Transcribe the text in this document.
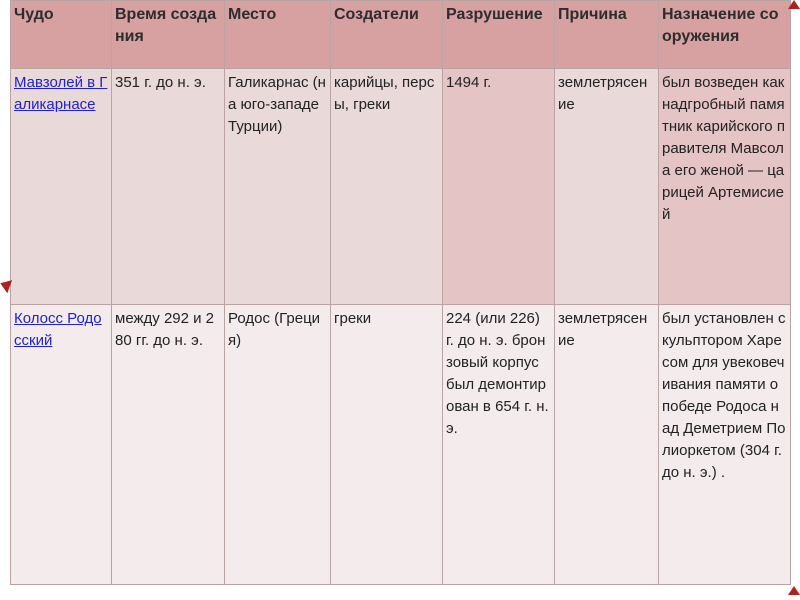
Чудо	Время создания	Место	Создатели	Разрушение	Причина	Назначение сооружения
Мавзолей в Галикарнасе	351 г. до н. э.	Галикарнас (на юго-западе Турции)	карийцы, персы, греки	1494 г.	землетрясение	был возведен как надгробный памятник карийского правителя Мавсола его женой — царицей Артемисией
Колосс Родосский	между 292 и 280 гг. до н. э.	Родос (Греция)	греки	224 (или 226) г. до н. э. бронзовый корпус был демонтирован в 654 г. н. э.	землетрясение	был установлен скульптором Харесом для увековечивания памяти о победе Родоса над Деметрием Полиоркетом (304 г. до н. э.) .
